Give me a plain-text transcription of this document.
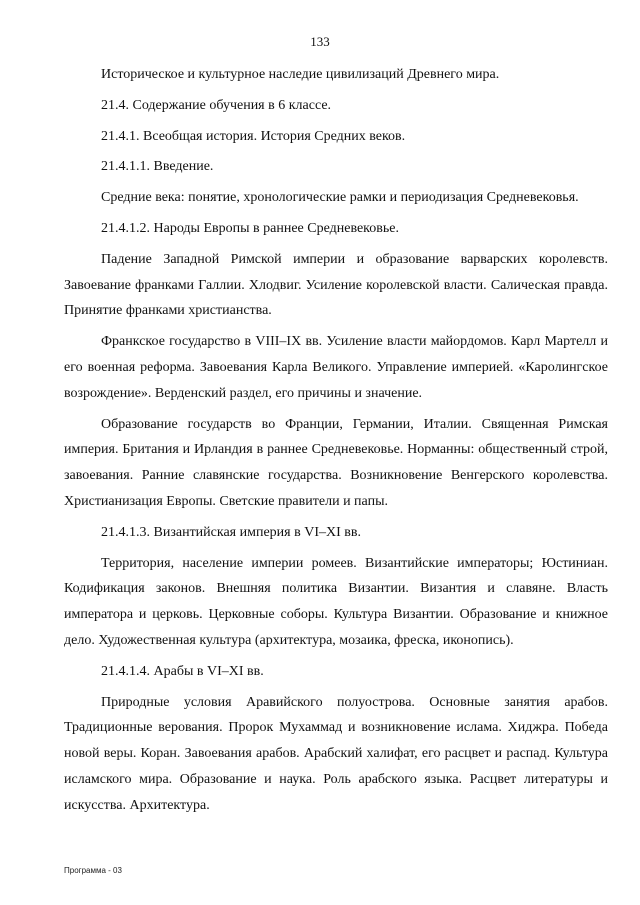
133

Историческое и культурное наследие цивилизаций Древнего мира.

21.4. Содержание обучения в 6 классе.

21.4.1. Всеобщая история. История Средних веков.

21.4.1.1. Введение.

Средние века: понятие, хронологические рамки и периодизация Средневековья.

21.4.1.2. Народы Европы в раннее Средневековье.

Падение Западной Римской империи и образование варварских королевств. Завоевание франками Галлии. Хлодвиг. Усиление королевской власти. Салическая правда. Принятие франками христианства.

Франкское государство в VIII–IX вв. Усиление власти майордомов. Карл Мартелл и его военная реформа. Завоевания Карла Великого. Управление империей. «Каролингское возрождение». Верденский раздел, его причины и значение.

Образование государств во Франции, Германии, Италии. Священная Римская империя. Британия и Ирландия в раннее Средневековье. Норманны: общественный строй, завоевания. Ранние славянские государства. Возникновение Венгерского королевства. Христианизация Европы. Светские правители и папы.

21.4.1.3. Византийская империя в VI–XI вв.

Территория, население империи ромеев. Византийские императоры; Юстиниан. Кодификация законов. Внешняя политика Византии. Византия и славяне. Власть императора и церковь. Церковные соборы. Культура Византии. Образование и книжное дело. Художественная культура (архитектура, мозаика, фреска, иконопись).

21.4.1.4. Арабы в VI–XI вв.

Природные условия Аравийского полуострова. Основные занятия арабов. Традиционные верования. Пророк Мухаммад и возникновение ислама. Хиджра. Победа новой веры. Коран. Завоевания арабов. Арабский халифат, его расцвет и распад. Культура исламского мира. Образование и наука. Роль арабского языка. Расцвет литературы и искусства. Архитектура.

Программа - 03
